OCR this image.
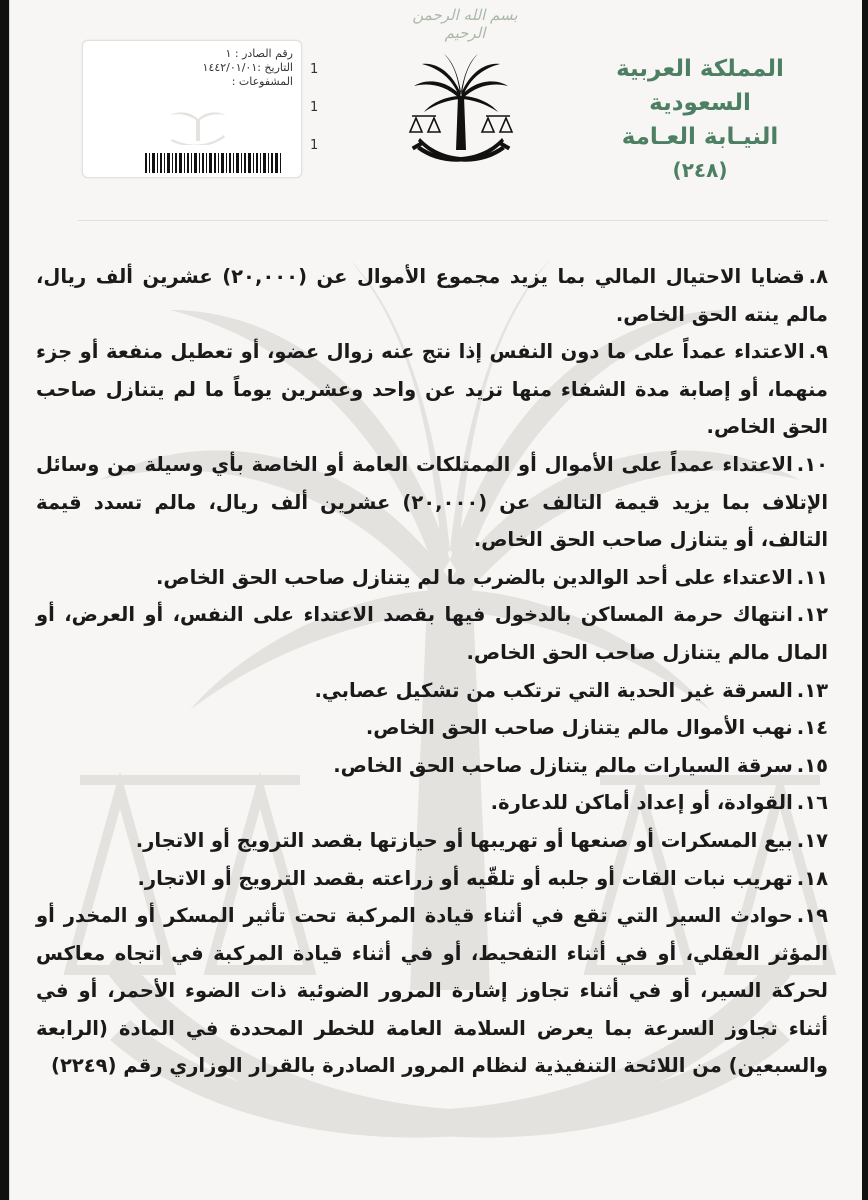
بسم الله الرحمن الرحيم
المملكة العربية السعودية
النيـابة العـامة
(٢٤٨)
رقم الصادر : ١
التاريخ :١٤٤٢/٠١/٠١
المشفوعات :
1
1
1

٨.قضايا الاحتيال المالي بما يزيد مجموع الأموال عن (٢٠,٠٠٠) عشرين ألف ريال، مالم ينته الحق الخاص.

٩.الاعتداء عمداً على ما دون النفس إذا نتج عنه زوال عضو، أو تعطيل منفعة أو جزء منهما، أو إصابة مدة الشفاء منها تزيد عن واحد وعشرين يوماً ما لم يتنازل صاحب الحق الخاص.

١٠.الاعتداء عمداً على الأموال أو الممتلكات العامة أو الخاصة بأي وسيلة من وسائل الإتلاف بما يزيد قيمة التالف عن (٢٠,٠٠٠) عشرين ألف ريال، مالم تسدد قيمة التالف، أو يتنازل صاحب الحق الخاص.

١١.الاعتداء على أحد الوالدين بالضرب ما لم يتنازل صاحب الحق الخاص.

١٢.انتهاك حرمة المساكن بالدخول فيها بقصد الاعتداء على النفس، أو العرض، أو المال مالم يتنازل صاحب الحق الخاص.

١٣.السرقة غير الحدية التي ترتكب من تشكيل عصابي.

١٤.نهب الأموال مالم يتنازل صاحب الحق الخاص.

١٥.سرقة السيارات مالم يتنازل صاحب الحق الخاص.

١٦.القوادة، أو إعداد أماكن للدعارة.

١٧.بيع المسكرات أو صنعها أو تهريبها أو حيازتها بقصد الترويج أو الاتجار.

١٨.تهريب نبات القات أو جلبه أو تلقّيه أو زراعته بقصد الترويج أو الاتجار.

١٩.حوادث السير التي تقع في أثناء قيادة المركبة تحت تأثير المسكر أو المخدر أو المؤثر العقلي، أو في أثناء التفحيط، أو في أثناء قيادة المركبة في اتجاه معاكس لحركة السير، أو في أثناء تجاوز إشارة المرور الضوئية ذات الضوء الأحمر، أو في أثناء تجاوز السرعة بما يعرض السلامة العامة للخطر المحددة في المادة (الرابعة والسبعين) من اللائحة التنفيذية لنظام المرور الصادرة بالقرار الوزاري رقم (٢٢٤٩)
